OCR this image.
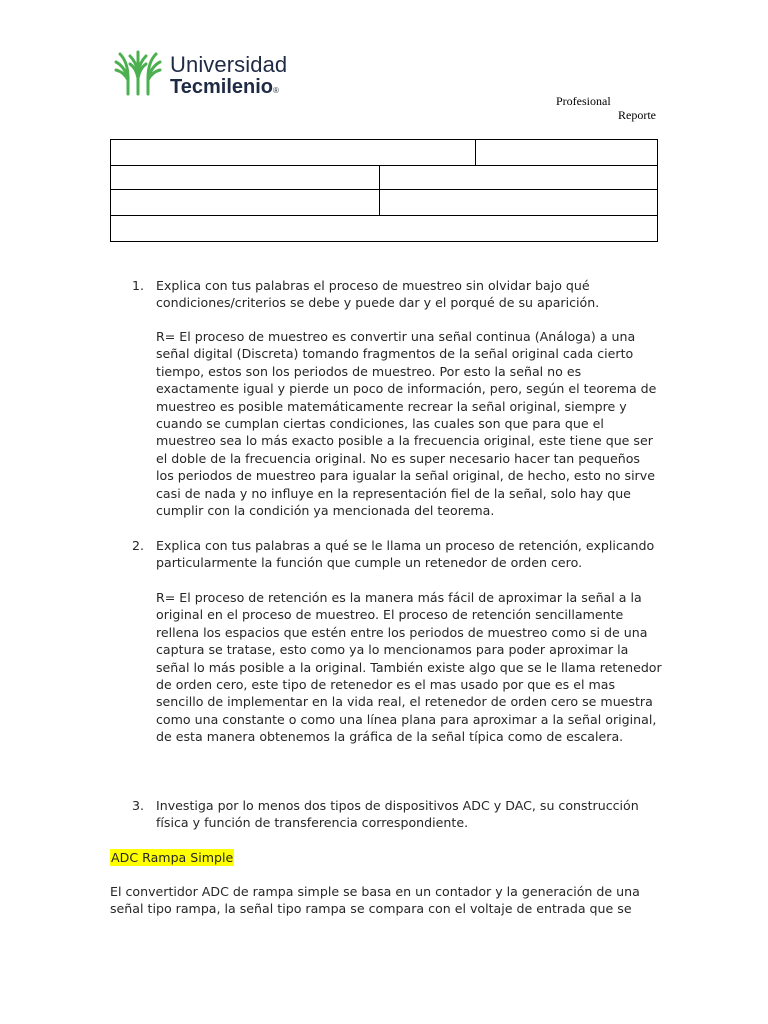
Universidad
Tecmilenio®
Profesional
Reporte
1. Explica con tus palabras el proceso de muestreo sin olvidar bajo qué
condiciones/criterios se debe y puede dar y el porqué de su aparición.
R= El proceso de muestreo es convertir una señal continua (Análoga) a una
señal digital (Discreta) tomando fragmentos de la señal original cada cierto
tiempo, estos son los periodos de muestreo. Por esto la señal no es
exactamente igual y pierde un poco de información, pero, según el teorema de
muestreo es posible matemáticamente recrear la señal original, siempre y
cuando se cumplan ciertas condiciones, las cuales son que para que el
muestreo sea lo más exacto posible a la frecuencia original, este tiene que ser
el doble de la frecuencia original. No es super necesario hacer tan pequeños
los periodos de muestreo para igualar la señal original, de hecho, esto no sirve
casi de nada y no influye en la representación fiel de la señal, solo hay que
cumplir con la condición ya mencionada del teorema.
2. Explica con tus palabras a qué se le llama un proceso de retención, explicando
particularmente la función que cumple un retenedor de orden cero.
R= El proceso de retención es la manera más fácil de aproximar la señal a la
original en el proceso de muestreo. El proceso de retención sencillamente
rellena los espacios que estén entre los periodos de muestreo como si de una
captura se tratase, esto como ya lo mencionamos para poder aproximar la
señal lo más posible a la original. También existe algo que se le llama retenedor
de orden cero, este tipo de retenedor es el mas usado por que es el mas
sencillo de implementar en la vida real, el retenedor de orden cero se muestra
como una constante o como una línea plana para aproximar a la señal original,
de esta manera obtenemos la gráfica de la señal típica como de escalera.
3. Investiga por lo menos dos tipos de dispositivos ADC y DAC, su construcción
física y función de transferencia correspondiente.
ADC Rampa Simple
El convertidor ADC de rampa simple se basa en un contador y la generación de una
señal tipo rampa, la señal tipo rampa se compara con el voltaje de entrada que se
